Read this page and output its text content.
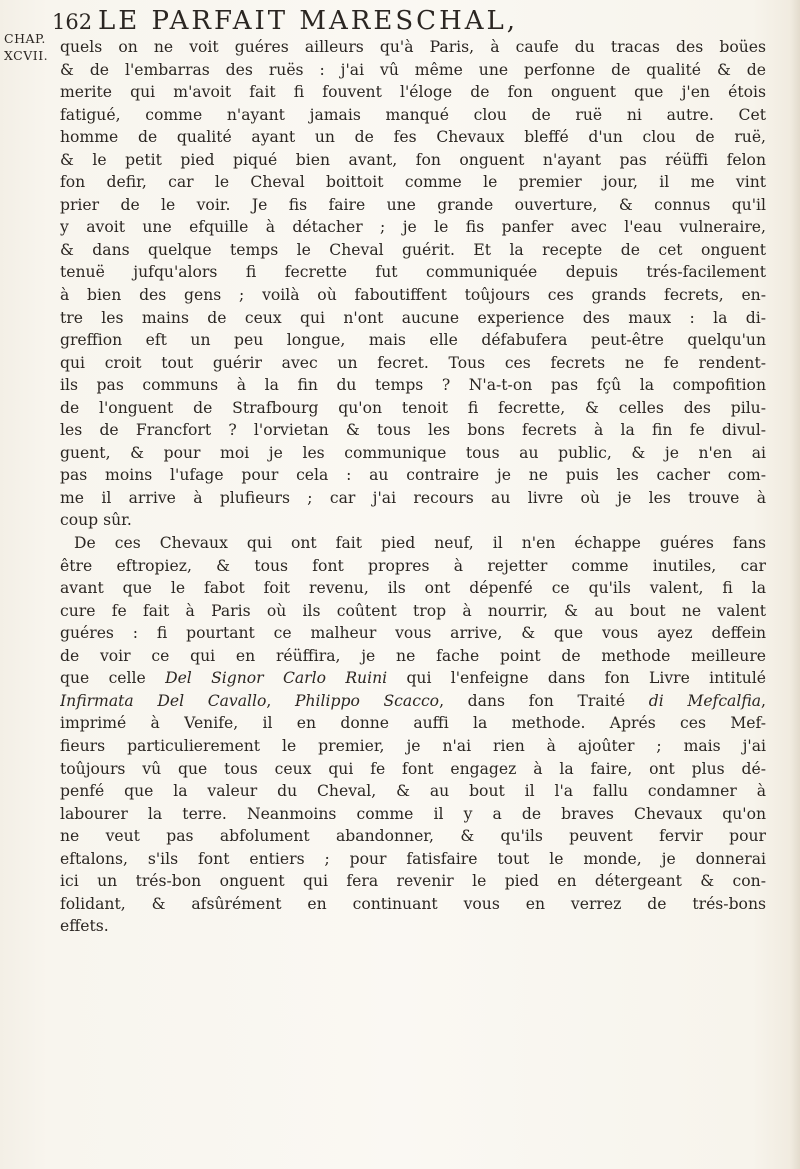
162 LE PARFAIT MARESCHAL,
CHAP.
XCVII. quels on ne voit guéres ailleurs qu'à Paris, à caufe du tracas des boües
& de l'embarras des ruës : j'ai vû même une perfonne de qualité & de
merite qui m'avoit fait fi fouvent l'éloge de fon onguent que j'en étois
fatigué, comme n'ayant jamais manqué clou de ruë ni autre. Cet
homme de qualité ayant un de fes Chevaux bleffé d'un clou de ruë,
& le petit pied piqué bien avant, fon onguent n'ayant pas réüffi felon
fon defir, car le Cheval boittoit comme le premier jour, il me vint
prier de le voir. Je fis faire une grande ouverture, & connus qu'il
y avoit une efquille à détacher ; je le fis panfer avec l'eau vulneraire,
& dans quelque temps le Cheval guérit. Et la recepte de cet onguent
tenuë jufqu'alors fi fecrette fut communiquée depuis trés-facilement
à bien des gens ; voilà où faboutiffent toûjours ces grands fecrets, en-
tre les mains de ceux qui n'ont aucune experience des maux : la di-
greffion eft un peu longue, mais elle défabufera peut-être quelqu'un
qui croit tout guérir avec un fecret. Tous ces fecrets ne fe rendent-
ils pas communs à la fin du temps ? N'a-t-on pas fçû la compofition
de l'onguent de Strafbourg qu'on tenoit fi fecrette, & celles des pilu-
les de Francfort ? l'orvietan & tous les bons fecrets à la fin fe divul-
guent, & pour moi je les communique tous au public, & je n'en ai
pas moins l'ufage pour cela : au contraire je ne puis les cacher com-
me il arrive à plufieurs ; car j'ai recours au livre où je les trouve à
coup sûr.
De ces Chevaux qui ont fait pied neuf, il n'en échappe guéres fans
être eftropiez, & tous font propres à rejetter comme inutiles, car
avant que le fabot foit revenu, ils ont dépenfé ce qu'ils valent, fi la
cure fe fait à Paris où ils coûtent trop à nourrir, & au bout ne valent
guéres : fi pourtant ce malheur vous arrive, & que vous ayez deffein
de voir ce qui en réüffira, je ne fache point de methode meilleure
que celle Del Signor Carlo Ruini qui l'enfeigne dans fon Livre intitulé
Infirmata Del Cavallo, Philippo Scacco, dans fon Traité di Mefcalfia,
imprimé à Venife, il en donne auffi la methode. Aprés ces Mef-
fieurs particulierement le premier, je n'ai rien à ajoûter ; mais j'ai
toûjours vû que tous ceux qui fe font engagez à la faire, ont plus dé-
penfé que la valeur du Cheval, & au bout il l'a fallu condamner à
labourer la terre. Neanmoins comme il y a de braves Chevaux qu'on
ne veut pas abfolument abandonner, & qu'ils peuvent fervir pour
eftalons, s'ils font entiers ; pour fatisfaire tout le monde, je donnerai
ici un trés-bon onguent qui fera revenir le pied en détergeant & con-
folidant, & afsûrément en continuant vous en verrez de trés-bons
effets.
